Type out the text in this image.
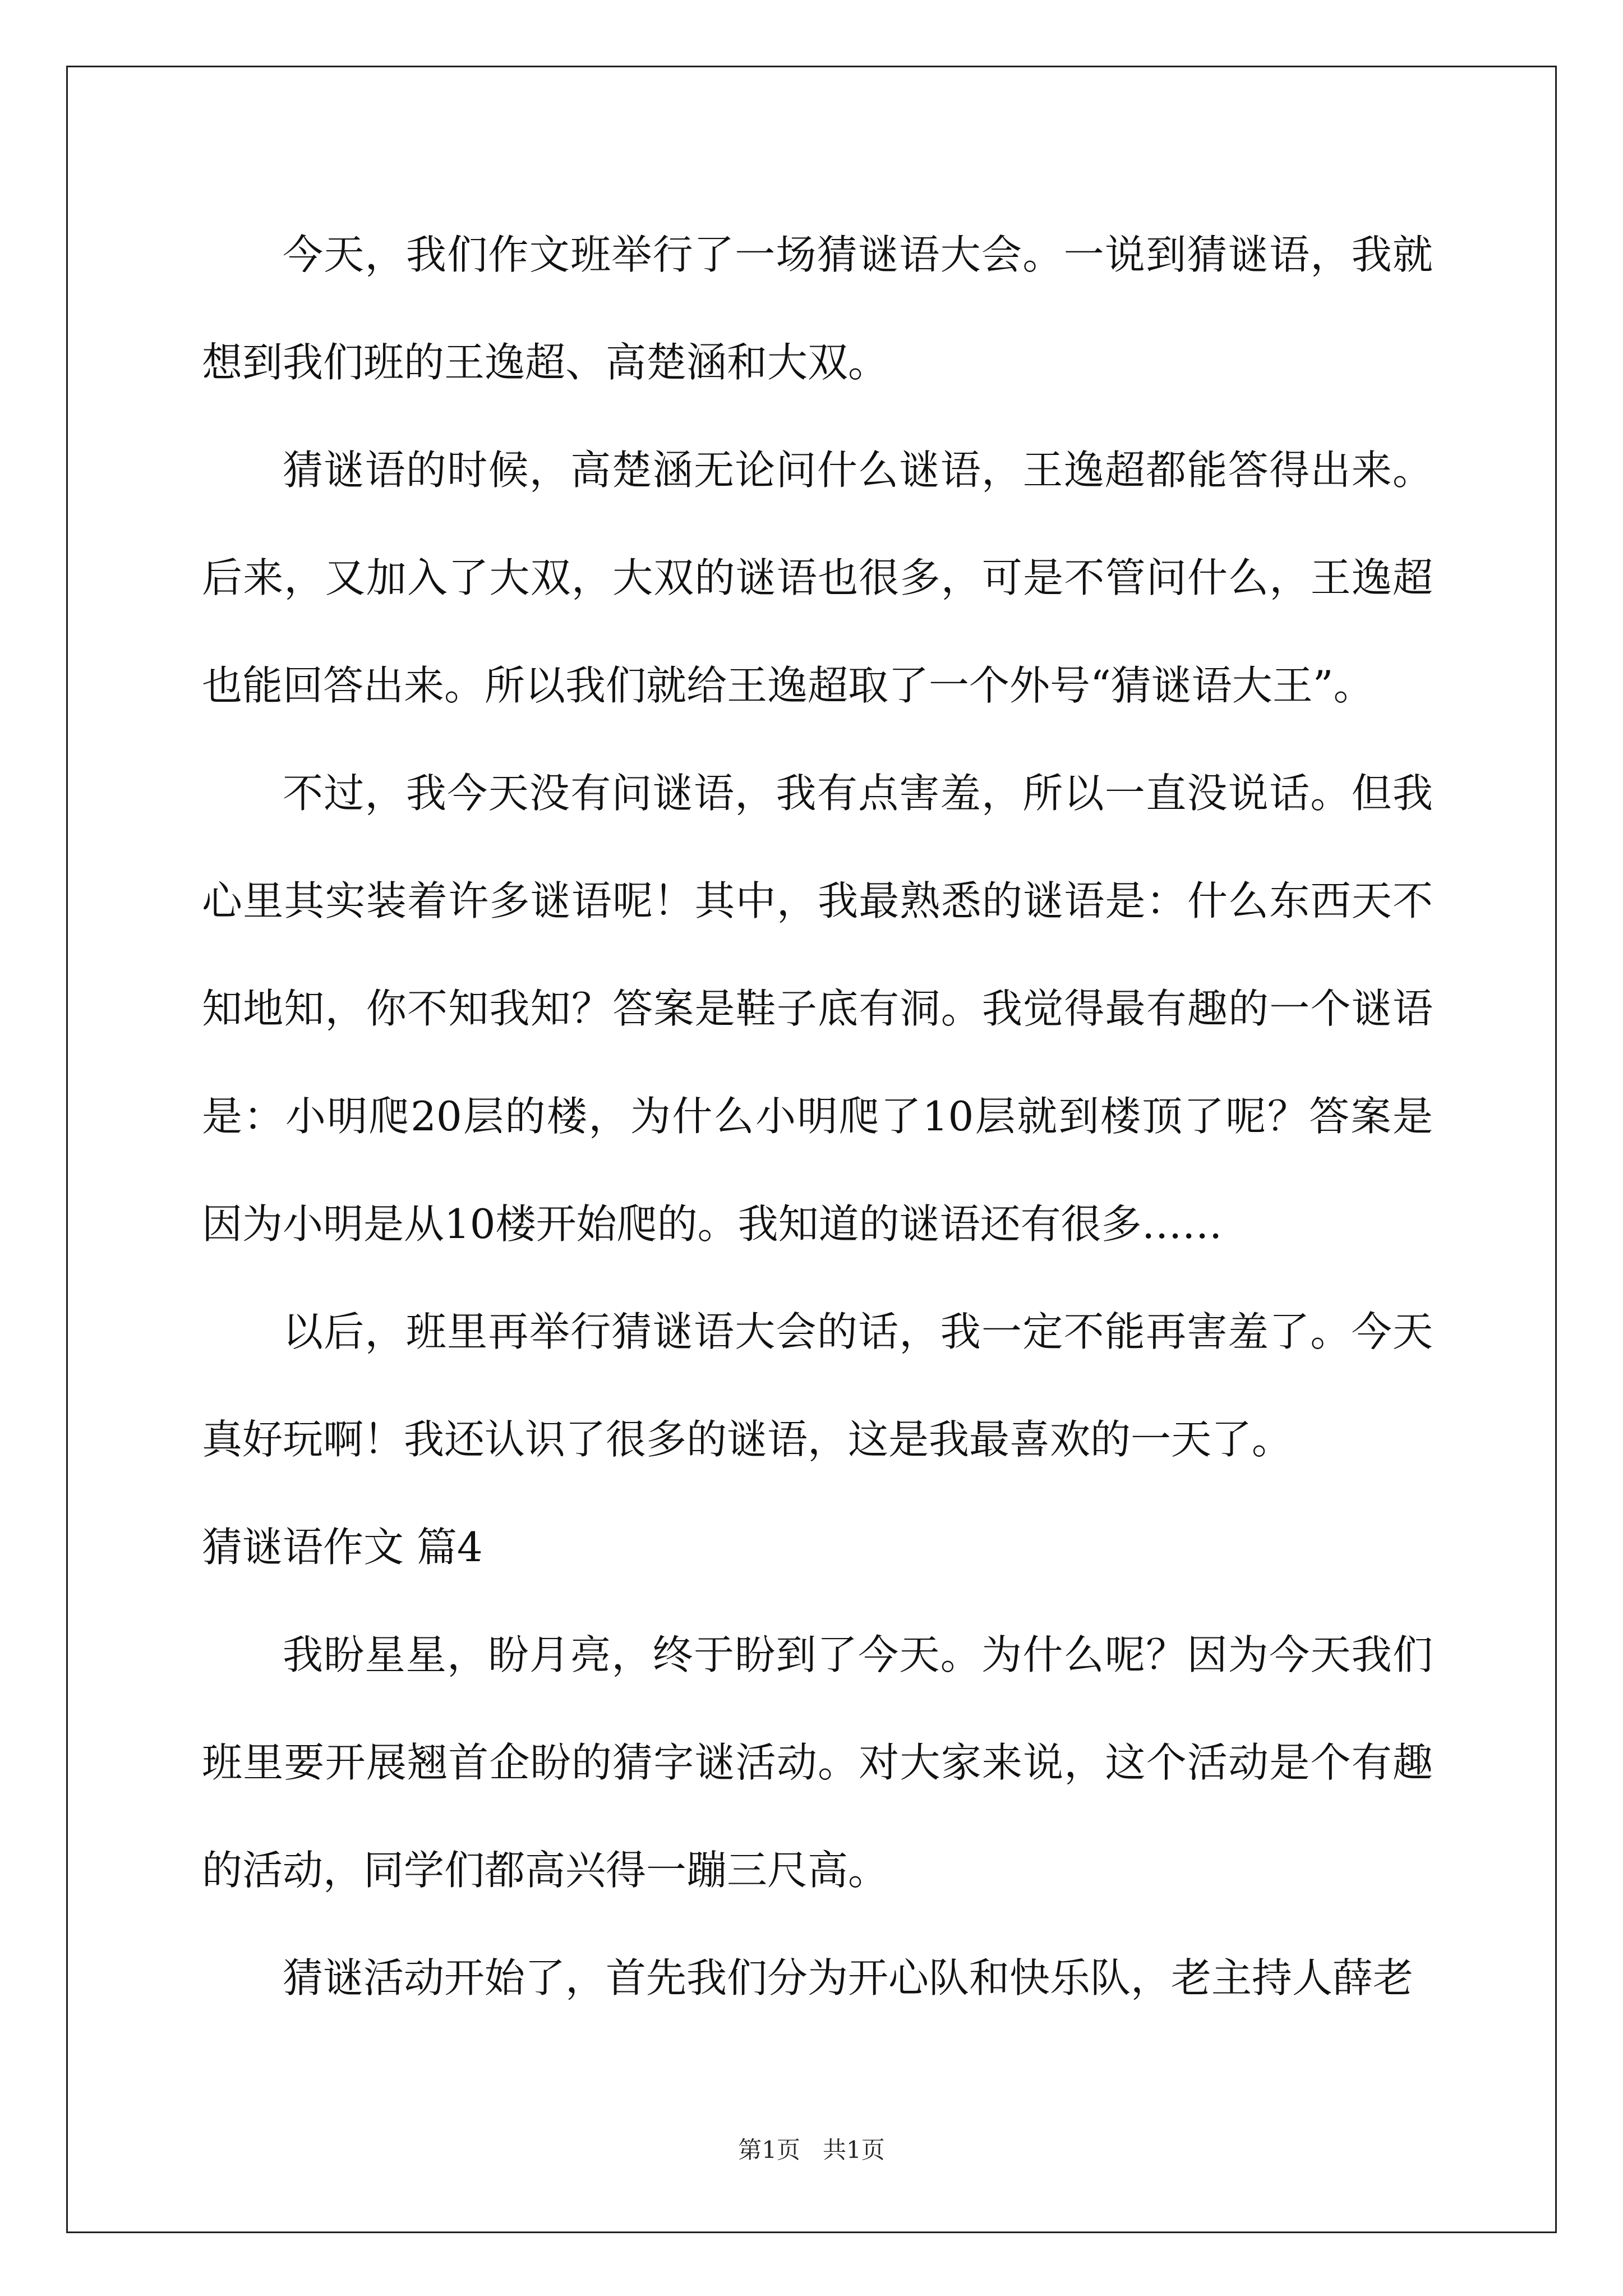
今天，我们作文班举行了一场猜谜语大会。一说到猜谜语，我就想到我们班的王逸超、高楚涵和大双。

猜谜语的时候，高楚涵无论问什么谜语，王逸超都能答得出来。后来，又加入了大双，大双的谜语也很多，可是不管问什么，王逸超也能回答出来。所以我们就给王逸超取了一个外号“猜谜语大王”。

不过，我今天没有问谜语，我有点害羞，所以一直没说话。但我心里其实装着许多谜语呢！其中，我最熟悉的谜语是：什么东西天不知地知，你不知我知？答案是鞋子底有洞。我觉得最有趣的一个谜语是：小明爬20层的楼，为什么小明爬了10层就到楼顶了呢？答案是因为小明是从10楼开始爬的。我知道的谜语还有很多……

以后，班里再举行猜谜语大会的话，我一定不能再害羞了。今天真好玩啊！我还认识了很多的谜语，这是我最喜欢的一天了。

猜谜语作文 篇4

我盼星星，盼月亮，终于盼到了今天。为什么呢？因为今天我们班里要开展翘首企盼的猜字谜活动。对大家来说，这个活动是个有趣的活动，同学们都高兴得一蹦三尺高。

猜谜活动开始了，首先我们分为开心队和快乐队，老主持人薛老

第1页   共1页
